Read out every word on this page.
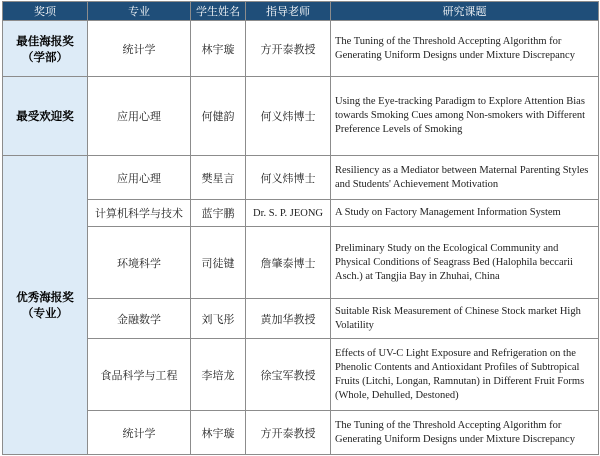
奖项	专业	学生姓名	指导老师	研究课题
最佳海报奖
（学部）	统计学	林宇璇	方开泰教授	The Tuning of the Threshold Accepting Algorithm for Generating Uniform Designs under Mixture Discrepancy
最受欢迎奖	应用心理	何健韵	何义炜博士	Using the Eye-tracking Paradigm to Explore Attention Bias towards Smoking Cues among Non-smokers with Different Preference Levels of Smoking
优秀海报奖
（专业）	应用心理	樊星言	何义炜博士	Resiliency as a Mediator between Maternal Parenting Styles and Students' Achievement Motivation
	计算机科学与技术	蓝宇鹏	Dr. S. P. JEONG	A Study on Factory Management Information System
	环境科学	司徒键	詹肇泰博士	Preliminary Study on the Ecological Community and Physical Conditions of Seagrass Bed (Halophila beccarii Asch.) at Tangjia Bay in Zhuhai, China
	金融数学	刘飞彤	黄加华教授	Suitable Risk Measurement of Chinese Stock market High Volatility
	食品科学与工程	李培龙	徐宝军教授	Effects of UV-C Light Exposure and Refrigeration on the Phenolic Contents and Antioxidant Profiles of Subtropical Fruits (Litchi, Longan, Ramnutan) in Different Fruit Forms (Whole, Dehulled, Destoned)
	统计学	林宇璇	方开泰教授	The Tuning of the Threshold Accepting Algorithm for Generating Uniform Designs under Mixture Discrepancy
